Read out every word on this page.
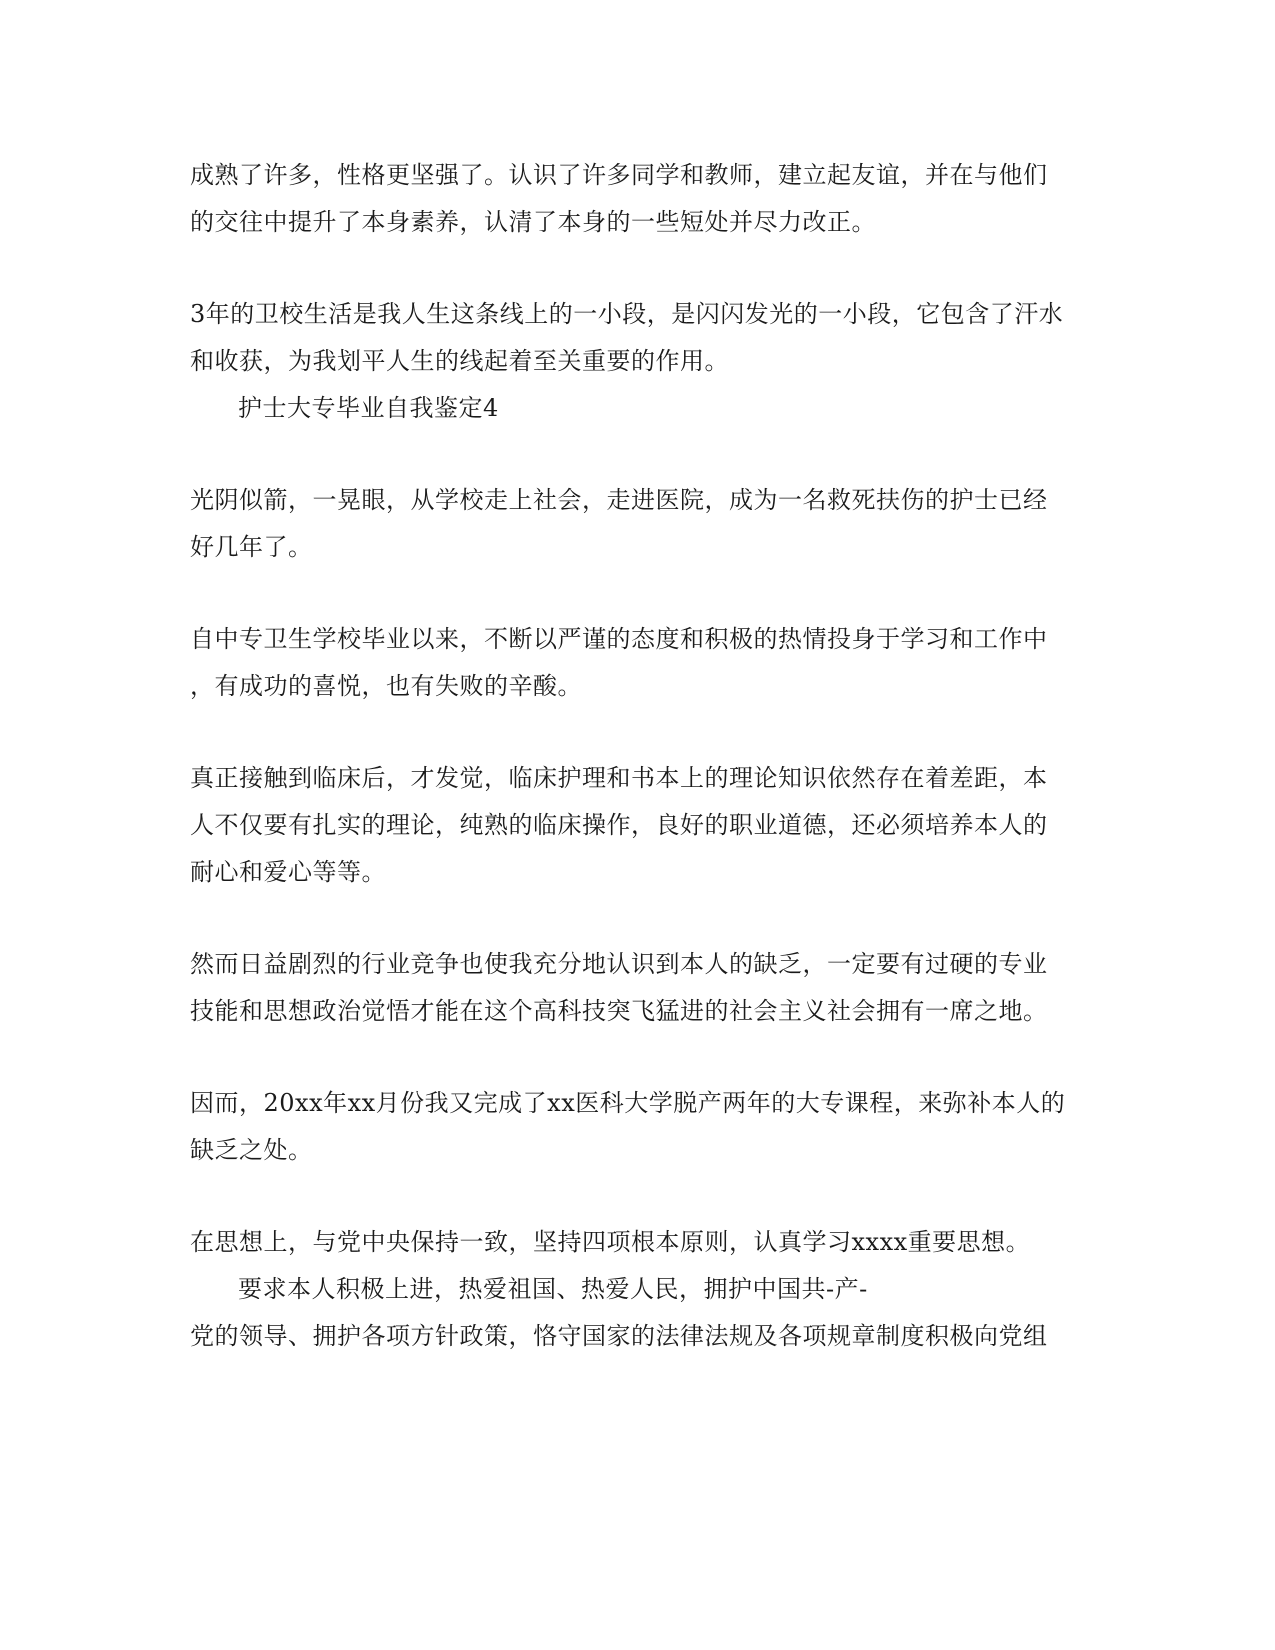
成熟了许多，性格更坚强了。认识了许多同学和教师，建立起友谊，并在与他们
的交往中提升了本身素养，认清了本身的一些短处并尽力改正。
3年的卫校生活是我人生这条线上的一小段，是闪闪发光的一小段，它包含了汗水
和收获，为我划平人生的线起着至关重要的作用。
护士大专毕业自我鉴定4
光阴似箭，一晃眼，从学校走上社会，走进医院，成为一名救死扶伤的护士已经
好几年了。
自中专卫生学校毕业以来，不断以严谨的态度和积极的热情投身于学习和工作中
，有成功的喜悦，也有失败的辛酸。
真正接触到临床后，才发觉，临床护理和书本上的理论知识依然存在着差距，本
人不仅要有扎实的理论，纯熟的临床操作，良好的职业道德，还必须培养本人的
耐心和爱心等等。
然而日益剧烈的行业竞争也使我充分地认识到本人的缺乏，一定要有过硬的专业
技能和思想政治觉悟才能在这个高科技突飞猛进的社会主义社会拥有一席之地。
因而，20xx年xx月份我又完成了xx医科大学脱产两年的大专课程，来弥补本人的
缺乏之处。
在思想上，与党中央保持一致，坚持四项根本原则，认真学习xxxx重要思想。
要求本人积极上进，热爱祖国、热爱人民，拥护中国共-产-
党的领导、拥护各项方针政策，恪守国家的法律法规及各项规章制度积极向党组
